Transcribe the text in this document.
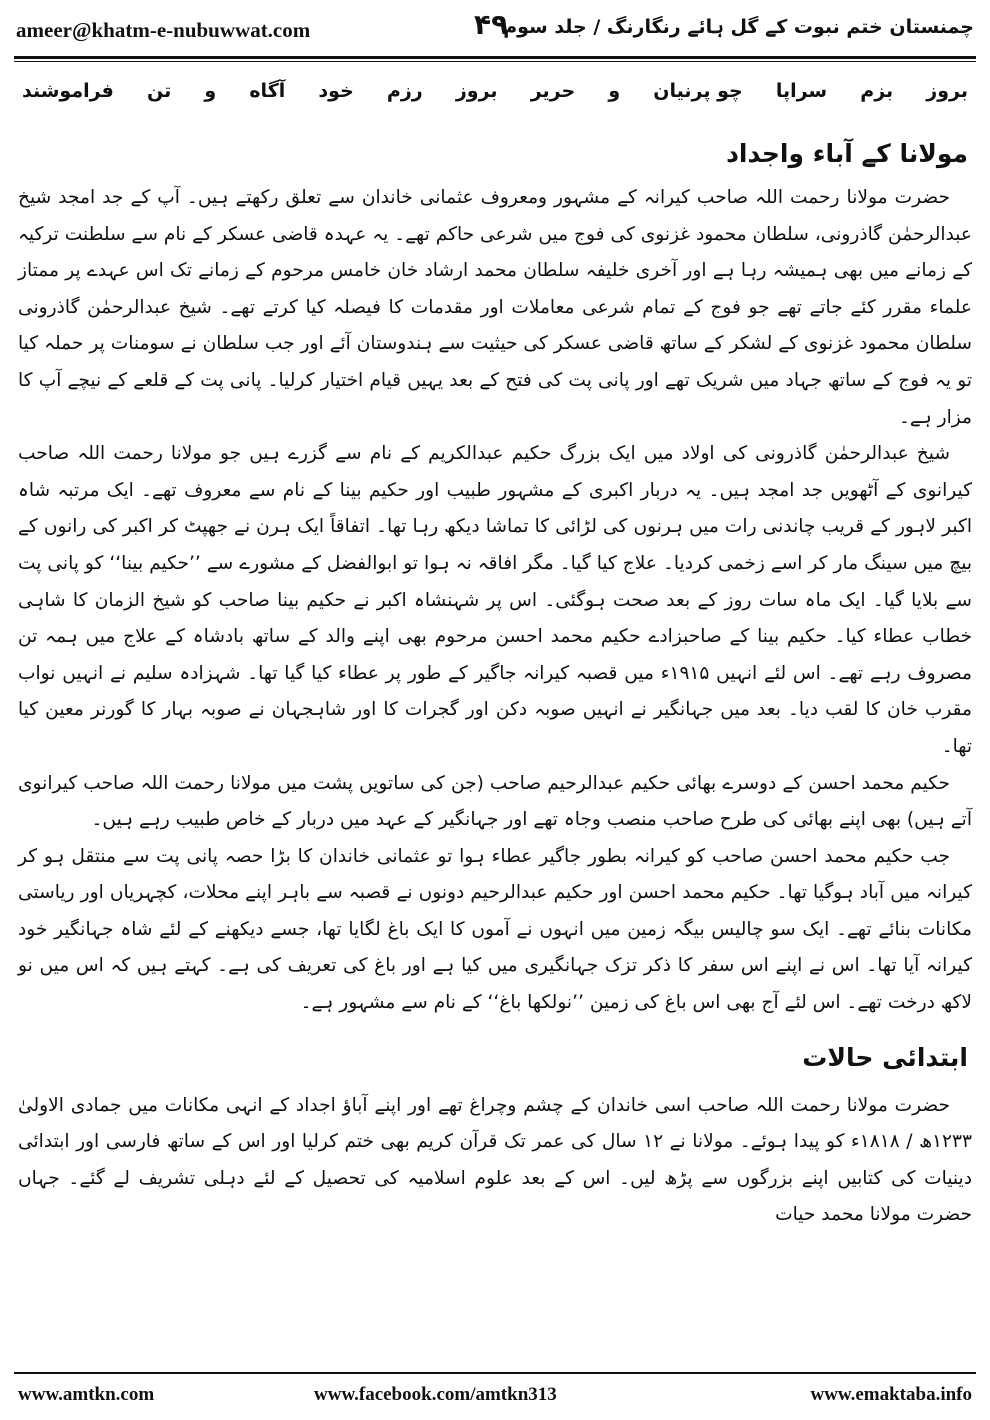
ameer@khatm-e-nubuwwat.com	۴۹
چمنستان ختم نبوت کے گل ہائے رنگارنگ / جلد سوم
بروز
بزم
سراپا
چو پرنیان
و
حریر
بروز
رزم
خود
آگاه
و
تن
فراموشند
مولانا کے آباء واجداد

حضرت مولانا رحمت اللہ صاحب کیرانہ کے مشہور ومعروف عثمانی خاندان سے تعلق رکھتے ہیں۔ آپ کے جد امجد شیخ عبدالرحمٰن گاذرونی، سلطان محمود غزنوی کی فوج میں شرعی حاکم تھے۔ یہ عہدہ قاضی عسکر کے نام سے سلطنت ترکیہ کے زمانے میں بھی ہمیشہ رہا ہے اور آخری خلیفہ سلطان محمد ارشاد خان خامس مرحوم کے زمانے تک اس عہدے پر ممتاز علماء مقرر کئے جاتے تھے جو فوج کے تمام شرعی معاملات اور مقدمات کا فیصلہ کیا کرتے تھے۔ شیخ عبدالرحمٰن گاذرونی سلطان محمود غزنوی کے لشکر کے ساتھ قاضی عسکر کی حیثیت سے ہندوستان آئے اور جب سلطان نے سومنات پر حملہ کیا تو یہ فوج کے ساتھ جہاد میں شریک تھے اور پانی پت کی فتح کے بعد یہیں قیام اختیار کرلیا۔ پانی پت کے قلعے کے نیچے آپ کا مزار ہے۔

شیخ عبدالرحمٰن گاذرونی کی اولاد میں ایک بزرگ حکیم عبدالکریم کے نام سے گزرے ہیں جو مولانا رحمت اللہ صاحب کیرانوی کے آٹھویں جد امجد ہیں۔ یہ دربار اکبری کے مشہور طبیب اور حکیم بینا کے نام سے معروف تھے۔ ایک مرتبہ شاہ اکبر لاہور کے قریب چاندنی رات میں ہرنوں کی لڑائی کا تماشا دیکھ رہا تھا۔ اتفاقاً ایک ہرن نے جھپٹ کر اکبر کی رانوں کے بیچ میں سینگ مار کر اسے زخمی کردیا۔ علاج کیا گیا۔ مگر افاقہ نہ ہوا تو ابوالفضل کے مشورے سے ’’حکیم بینا‘‘ کو پانی پت سے بلایا گیا۔ ایک ماہ سات روز کے بعد صحت ہوگئی۔ اس پر شہنشاہ اکبر نے حکیم بینا صاحب کو شیخ الزمان کا شاہی خطاب عطاء کیا۔ حکیم بینا کے صاحبزادے حکیم محمد احسن مرحوم بھی اپنے والد کے ساتھ بادشاہ کے علاج میں ہمہ تن مصروف رہے تھے۔ اس لئے انہیں ۱۹۱۵ء میں قصبہ کیرانہ جاگیر کے طور پر عطاء کیا گیا تھا۔ شہزادہ سلیم نے انہیں نواب مقرب خان کا لقب دیا۔ بعد میں جہانگیر نے انہیں صوبہ دکن اور گجرات کا اور شاہجہان نے صوبہ بہار کا گورنر معین کیا تھا۔

حکیم محمد احسن کے دوسرے بھائی حکیم عبدالرحیم صاحب (جن کی ساتویں پشت میں مولانا رحمت اللہ صاحب کیرانوی آتے ہیں) بھی اپنے بھائی کی طرح صاحب منصب وجاہ تھے اور جہانگیر کے عہد میں دربار کے خاص طبیب رہے ہیں۔

جب حکیم محمد احسن صاحب کو کیرانہ بطور جاگیر عطاء ہوا تو عثمانی خاندان کا بڑا حصہ پانی پت سے منتقل ہو کر کیرانہ میں آباد ہوگیا تھا۔ حکیم محمد احسن اور حکیم عبدالرحیم دونوں نے قصبہ سے باہر اپنے محلات، کچہریاں اور ریاستی مکانات بنائے تھے۔ ایک سو چالیس بیگہ زمین میں انہوں نے آموں کا ایک باغ لگایا تھا، جسے دیکھنے کے لئے شاہ جہانگیر خود کیرانہ آیا تھا۔ اس نے اپنے اس سفر کا ذکر تزک جہانگیری میں کیا ہے اور باغ کی تعریف کی ہے۔ کہتے ہیں کہ اس میں نو لاکھ درخت تھے۔ اس لئے آج بھی اس باغ کی زمین ’’نولکھا باغ‘‘ کے نام سے مشہور ہے۔

ابتدائی حالات

حضرت مولانا رحمت اللہ صاحب اسی خاندان کے چشم وچراغ تھے اور اپنے آباؤ اجداد کے انہی مکانات میں جمادی الاولیٰ ۱۲۳۳ھ / ۱۸۱۸ء کو پیدا ہوئے۔ مولانا نے ۱۲ سال کی عمر تک قرآن کریم بھی ختم کرلیا اور اس کے ساتھ فارسی اور ابتدائی دینیات کی کتابیں اپنے بزرگوں سے پڑھ لیں۔ اس کے بعد علوم اسلامیہ کی تحصیل کے لئے دہلی تشریف لے گئے۔ جہاں حضرت مولانا محمد حیات

www.amtkn.com	www.facebook.com/amtkn313	www.emaktaba.info
